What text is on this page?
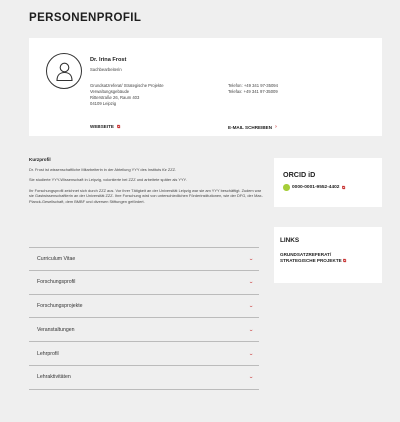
PERSONENPROFIL
Dr. Irina Frost
Sachbearbeiterin
Grundsatzreferat/ Strategische Projekte
Verwaltungsgebäude
Ritterstraße 26, Raum 403
04109 Leipzig
Telefon: +49 341 97-35094
Telefax: +49 341 97-35009
WEBSEITE ⧉	E-MAIL SCHREIBEN ›
Kurzprofil

Dr. Frost ist wissenschaftliche Mitarbeiterin in der Abteilung YYY des Instituts für ZZZ.

Sie studierte YYY-Wissenschaft in Leipzig, volontierte bei ZZZ und arbeitete später als YYY.

Ihr Forschungsprofil zeichnet sich durch ZZZ aus. Vor ihrer Tätigkeit an der Universität Leipzig war sie am YYY beschäftigt. Zudem war sie Gastwissenschaftlerin an der Universität ZZZ. Ihre Forschung wird von unterschiedlichen Förderinstitutionen, wie der DFG, der Max-Planck-Gesellschaft, dem BMBF und diversen Stiftungen gefördert.

Curriculum Vitae	⌄
Forschungsprofil	⌄
Forschungsprojekte	⌄
Veranstaltungen	⌄
Lehrprofil	⌄
Lehraktivitäten	⌄
ORCID iD
0000-0001-9552-4402 ⧉
LINKS
GRUNDSATZREFERAT/
STRATEGISCHE PROJEKTE ⧉
